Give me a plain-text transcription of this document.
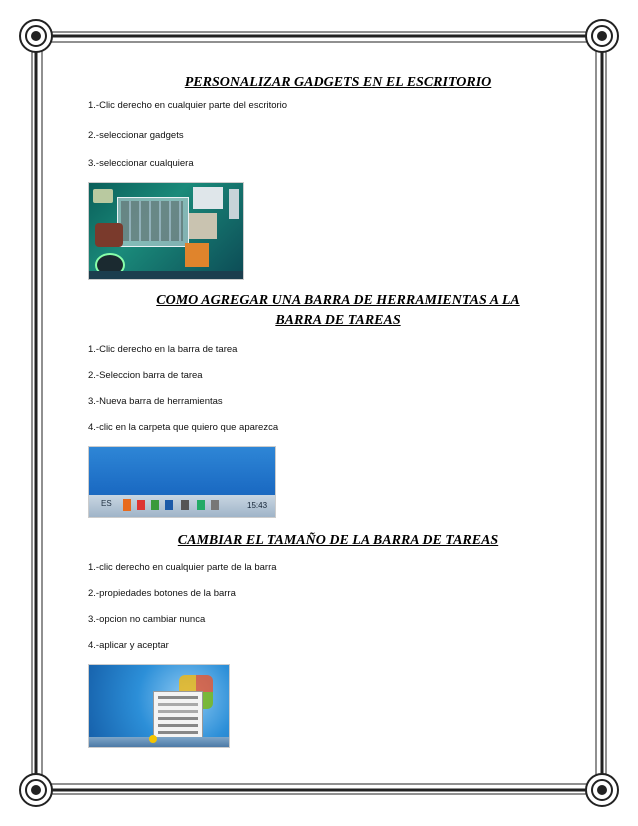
PERSONALIZAR GADGETS EN EL ESCRITORIO

1.-Clic derecho en cualquier parte del escritorio

2.-seleccionar gadgets

3.-seleccionar cualquiera

COMO AGREGAR UNA BARRA DE HERRAMIENTAS A LA
BARRA DE TAREAS

1.-Clic derecho en la barra de tarea

2.-Seleccion barra de tarea

3.-Nueva barra de herramientas

4.-clic en la carpeta que quiero que aparezca

ES	15:43
CAMBIAR EL TAMAÑO DE LA BARRA DE TAREAS

1.-clic derecho en cualquier parte de la barra

2.-propiedades botones de la barra

3.-opcion no cambiar nunca

4.-aplicar y aceptar
